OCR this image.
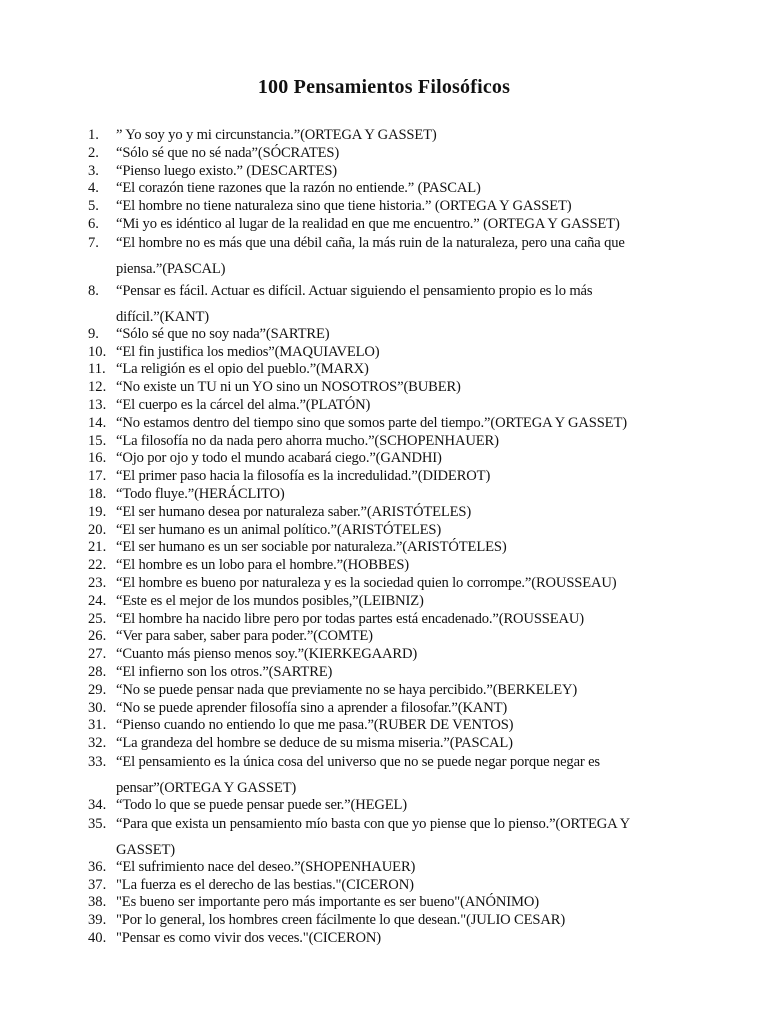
100 Pensamientos Filosóficos
1.	” Yo soy yo y mi circunstancia.”(ORTEGA Y GASSET)
2.	“Sólo sé que no sé nada”(SÓCRATES)
3.	“Pienso luego existo.” (DESCARTES)
4.	“El corazón tiene razones que la razón no entiende.” (PASCAL)
5.	“El hombre no tiene naturaleza sino que tiene historia.” (ORTEGA Y GASSET)
6.	“Mi yo es idéntico al lugar de la realidad en que me encuentro.” (ORTEGA Y GASSET)
7.	“El hombre no es más que una débil caña, la más ruin de la naturaleza, pero una caña que piensa.”(PASCAL)
8.	“Pensar es fácil. Actuar es difícil. Actuar siguiendo el pensamiento propio es lo más difícil.”(KANT)
9.	“Sólo sé que no soy nada”(SARTRE)
10. “El fin justifica los medios”(MAQUIAVELO)
11. “La religión es el opio del pueblo.”(MARX)
12. “No existe un TU ni un YO sino un NOSOTROS”(BUBER)
13. “El cuerpo es la cárcel del alma.”(PLATÓN)
14. “No estamos dentro del tiempo sino que somos parte del tiempo.”(ORTEGA Y GASSET)
15. “La filosofía no da nada pero ahorra mucho.”(SCHOPENHAUER)
16. “Ojo por ojo y todo el mundo acabará ciego.”(GANDHI)
17. “El primer paso hacia la filosofía es la incredulidad.”(DIDEROT)
18. “Todo fluye.”(HERÁCLITO)
19. “El ser humano desea por naturaleza saber.”(ARISTÓTELES)
20. “El ser humano es un animal político.”(ARISTÓTELES)
21. “El ser humano es un ser sociable por naturaleza.”(ARISTÓTELES)
22. “El hombre es un lobo para el hombre.”(HOBBES)
23. “El hombre es bueno por naturaleza y es la sociedad quien lo corrompe.”(ROUSSEAU)
24. “Este es el mejor de los mundos posibles,”(LEIBNIZ)
25. “El hombre ha nacido libre pero por todas partes está encadenado.”(ROUSSEAU)
26. “Ver para saber, saber para poder.”(COMTE)
27. “Cuanto más pienso menos soy.”(KIERKEGAARD)
28. “El infierno son los otros.”(SARTRE)
29. “No se puede pensar nada que previamente no se haya percibido.”(BERKELEY)
30. “No se puede aprender filosofía sino a aprender a filosofar.”(KANT)
31. “Pienso cuando no entiendo lo que me pasa.”(RUBER DE VENTOS)
32. “La grandeza del hombre se deduce de su misma miseria.”(PASCAL)
33. “El pensamiento es la única cosa del universo que no se puede negar porque negar es pensar”(ORTEGA Y GASSET)
34. “Todo lo que se puede pensar puede ser.”(HEGEL)
35. “Para que exista un pensamiento mío basta con que yo piense que lo pienso.”(ORTEGA Y GASSET)
36. “El sufrimiento nace del deseo.”(SHOPENHAUER)
37. "La fuerza es el derecho de las bestias."(CICERON)
38. "Es bueno ser importante pero más importante es ser bueno"(ANÓNIMO)
39. "Por lo general, los hombres creen fácilmente lo que desean."(JULIO CESAR)
40. "Pensar es como vivir dos veces."(CICERON)
